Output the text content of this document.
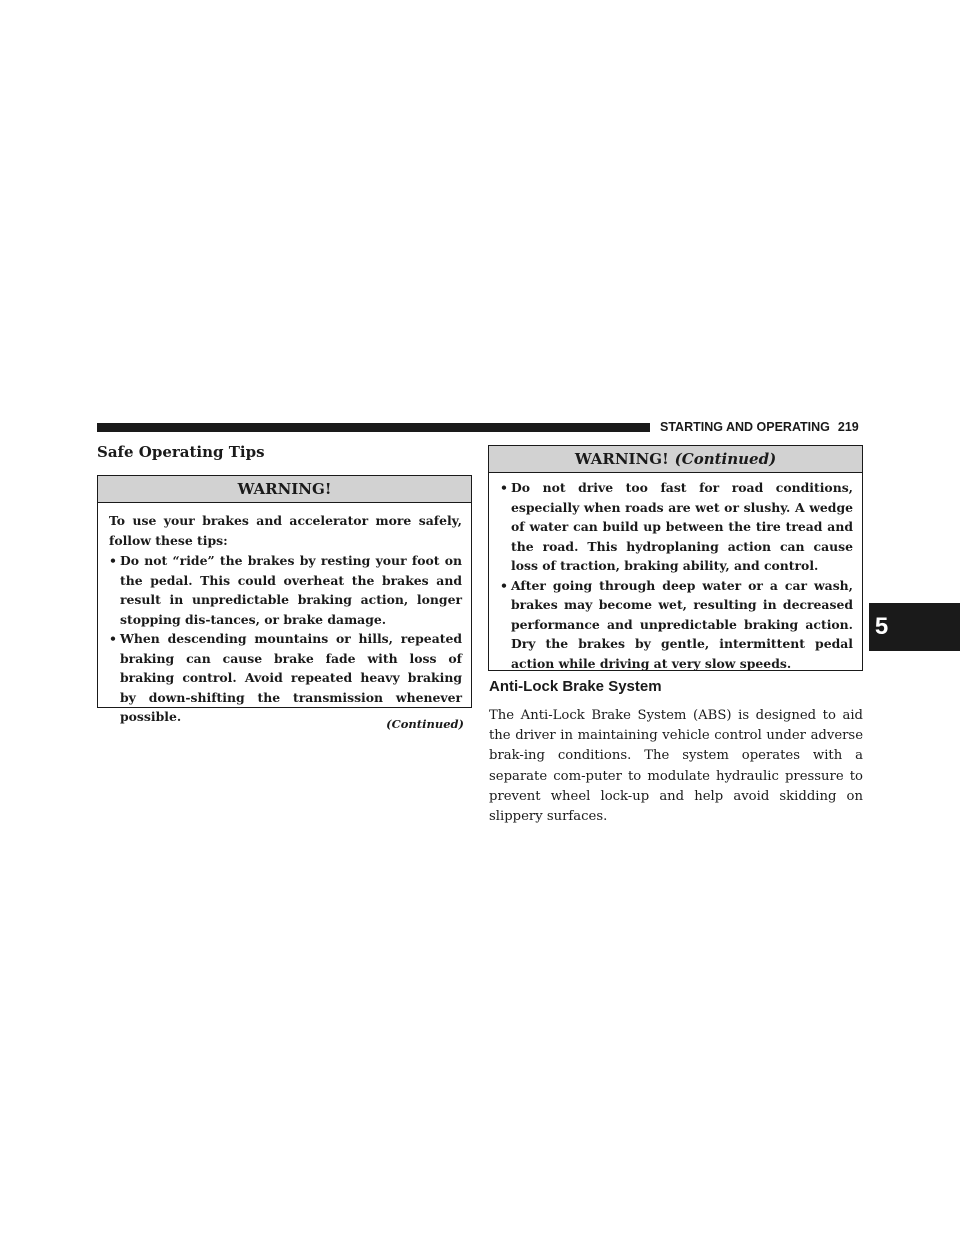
STARTING AND OPERATING 219
Safe Operating Tips
WARNING!

To use your brakes and accelerator more safely, follow these tips:

• Do not “ride” the brakes by resting your foot on the pedal. This could overheat the brakes and result in unpredictable braking action, longer stopping dis-tances, or brake damage.
• When descending mountains or hills, repeated braking can cause brake fade with loss of braking control. Avoid repeated heavy braking by down-shifting the transmission whenever possible.	(Continued)
WARNING! (Continued)
• Do not drive too fast for road conditions, especially when roads are wet or slushy. A wedge of water can build up between the tire tread and the road. This hydroplaning action can cause loss of traction, braking ability, and control.
• After going through deep water or a car wash, brakes may become wet, resulting in decreased performance and unpredictable braking action. Dry the brakes by gentle, intermittent pedal action while driving at very slow speeds.
Anti-Lock Brake System

The Anti-Lock Brake System (ABS) is designed to aid the driver in maintaining vehicle control under adverse brak-ing conditions. The system operates with a separate com-puter to modulate hydraulic pressure to prevent wheel lock-up and help avoid skidding on slippery surfaces.

5
